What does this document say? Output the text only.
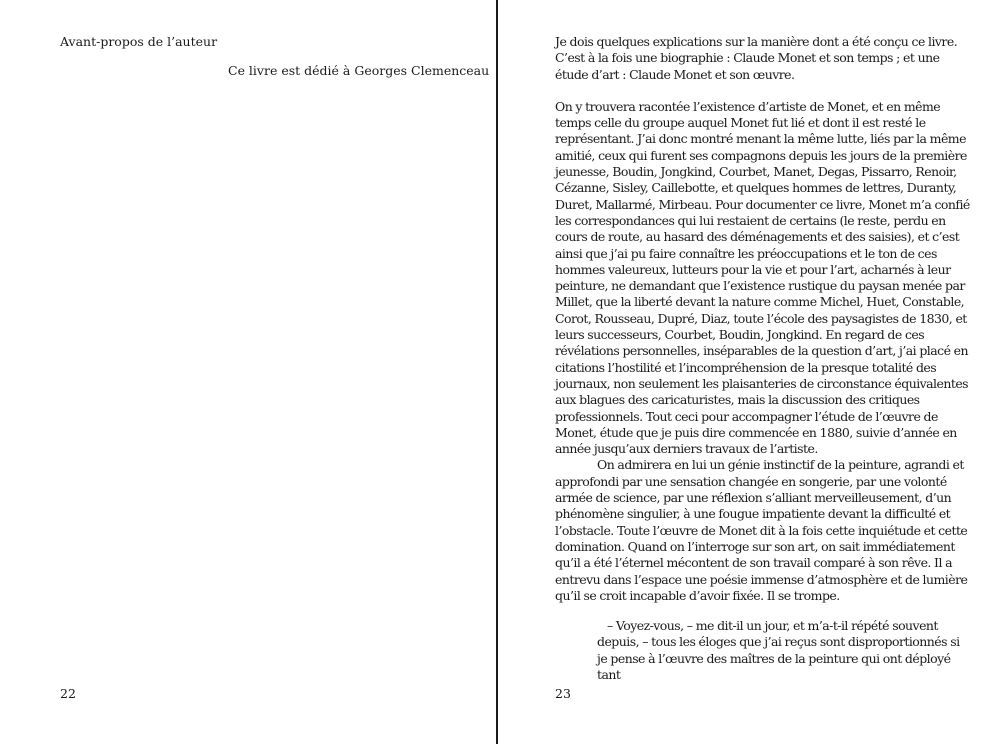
Avant-propos de l’auteur
Ce livre est dédié à Georges Clemenceau
22

Je dois quelques explications sur la manière dont a été conçu ce livre. C’est à la fois une biographie : Claude Monet et son temps ; et une étude d’art : Claude Monet et son œuvre.

On y trouvera racontée l’existence d’artiste de Monet, et en même temps celle du groupe auquel Monet fut lié et dont il est resté le représentant. J’ai donc montré menant la même lutte, liés par la même amitié, ceux qui furent ses compagnons depuis les jours de la première jeunesse, Boudin, Jongkind, Courbet, Manet, Degas, Pissarro, Renoir, Cézanne, Sisley, Caillebotte, et quelques hommes de lettres, Duranty, Duret, Mallarmé, Mirbeau. Pour documenter ce livre, Monet m’a confié les correspondances qui lui restaient de certains (le reste, perdu en cours de route, au hasard des déménagements et des saisies), et c’est ainsi que j’ai pu faire connaître les préoccupations et le ton de ces hommes valeureux, lutteurs pour la vie et pour l’art, acharnés à leur peinture, ne demandant que l’existence rustique du paysan menée par Millet, que la liberté devant la nature comme Michel, Huet, Constable, Corot, Rousseau, Dupré, Diaz, toute l’école des paysagistes de 1830, et leurs successeurs, Courbet, Boudin, Jongkind. En regard de ces révélations personnelles, inséparables de la question d’art, j’ai placé en citations l’hostilité et l’incompréhension de la presque totalité des journaux, non seulement les plaisanteries de circonstance équivalentes aux blagues des caricaturistes, mais la discussion des critiques professionnels. Tout ceci pour accompagner l’étude de l’œuvre de Monet, étude que je puis dire commencée en 1880, suivie d’année en année jusqu’aux derniers travaux de l’artiste.

On admirera en lui un génie instinctif de la peinture, agrandi et approfondi par une sensation changée en songerie, par une volonté armée de science, par une réflexion s’alliant merveilleusement, d’un phénomène singulier, à une fougue impatiente devant la difficulté et l’obstacle. Toute l’œuvre de Monet dit à la fois cette inquiétude et cette domination. Quand on l’interroge sur son art, on sait immédiatement qu’il a été l’éternel mécontent de son travail comparé à son rêve. Il a entrevu dans l’espace une poésie immense d’atmosphère et de lumière qu’il se croit incapable d’avoir fixée. Il se trompe.

– Voyez-vous, – me dit-il un jour, et m’a-t-il répété souvent depuis, – tous les éloges que j’ai reçus sont disproportionnés si je pense à l’œuvre des maîtres de la peinture qui ont déployé tant

23
